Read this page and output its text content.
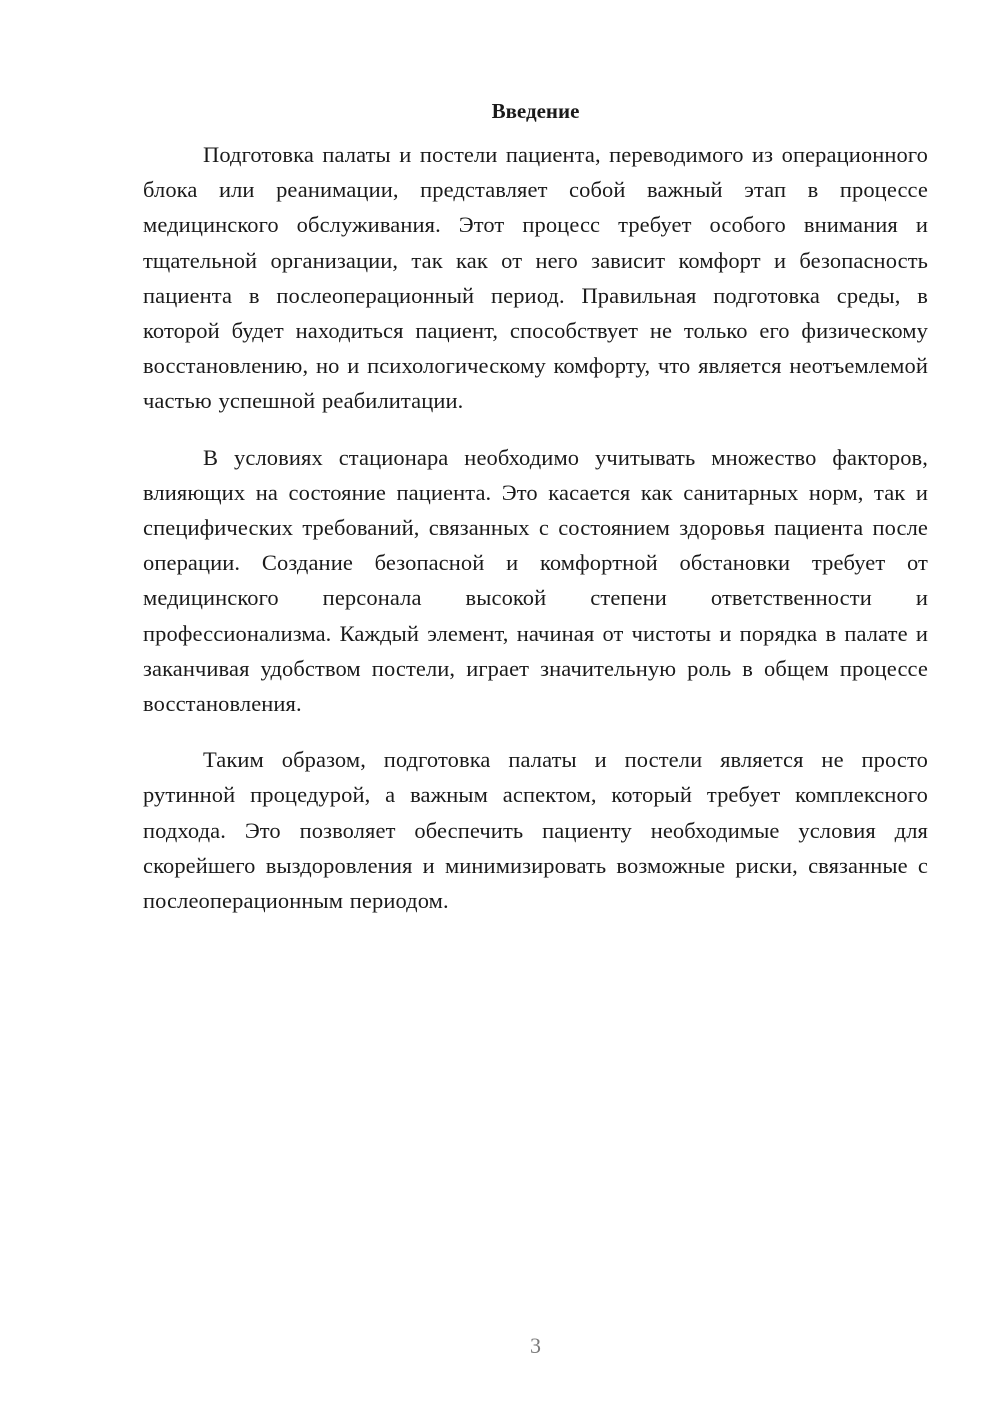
Введение

Подготовка палаты и постели пациента, переводимого из операционного блока или реанимации, представляет собой важный этап в процессе медицинского обслуживания. Этот процесс требует особого внимания и тщательной организации, так как от него зависит комфорт и безопасность пациента в послеоперационный период. Правильная подготовка среды, в которой будет находиться пациент, способствует не только его физическому восстановлению, но и психологическому комфорту, что является неотъемлемой частью успешной реабилитации.

В условиях стационара необходимо учитывать множество факторов, влияющих на состояние пациента. Это касается как санитарных норм, так и специфических требований, связанных с состоянием здоровья пациента после операции. Создание безопасной и комфортной обстановки требует от медицинского персонала высокой степени ответственности и профессионализма. Каждый элемент, начиная от чистоты и порядка в палате и заканчивая удобством постели, играет значительную роль в общем процессе восстановления.

Таким образом, подготовка палаты и постели является не просто рутинной процедурой, а важным аспектом, который требует комплексного подхода. Это позволяет обеспечить пациенту необходимые условия для скорейшего выздоровления и минимизировать возможные риски, связанные с послеоперационным периодом.

3
